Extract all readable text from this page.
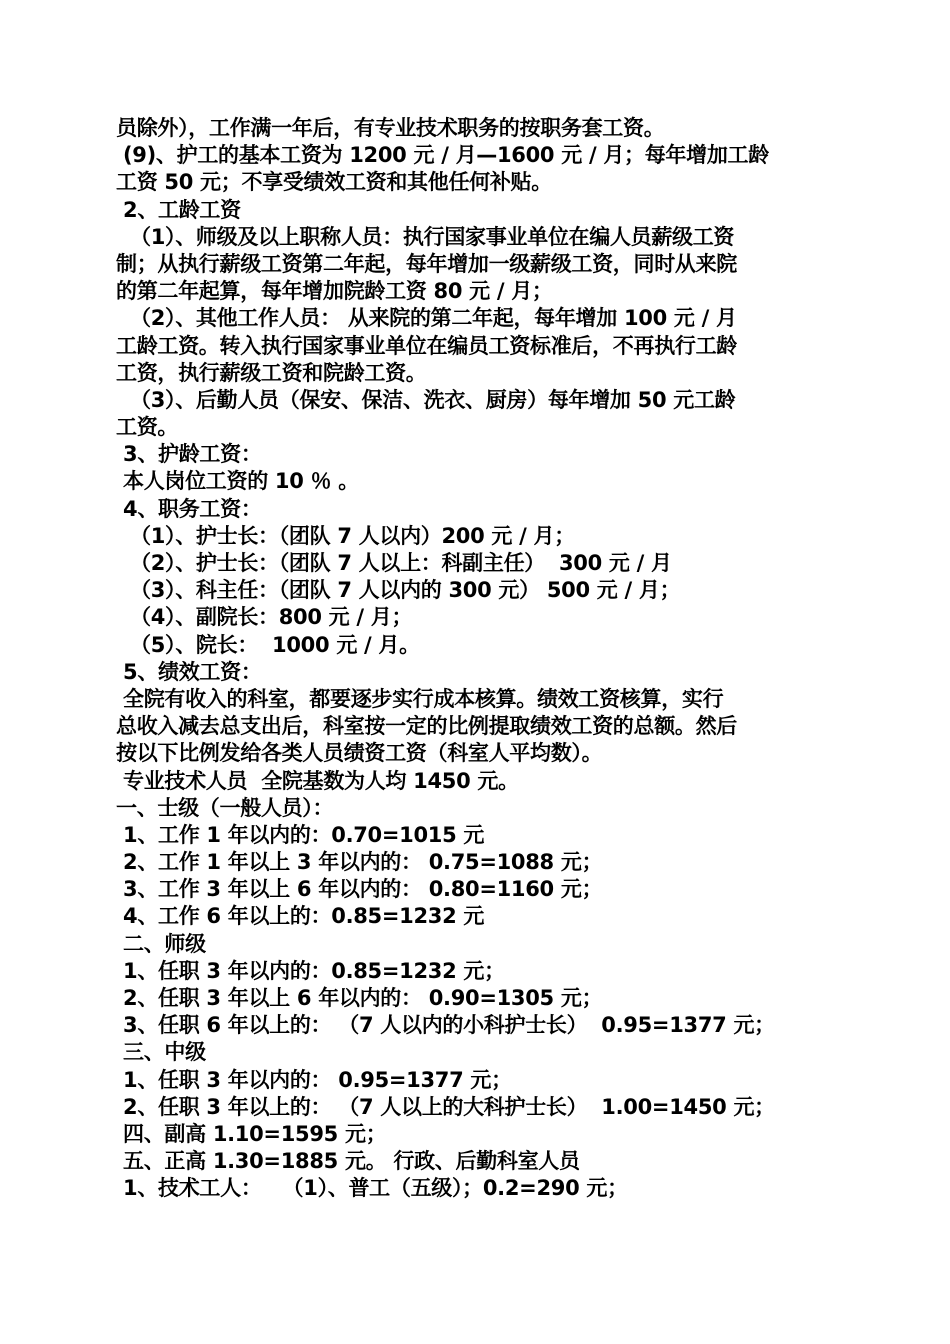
员除外），工作满一年后，有专业技术职务的按职务套工资。
(9)、护工的基本工资为 1200 元 / 月—1600 元 / 月；每年增加工龄
工资 50 元；不享受绩效工资和其他任何补贴。
2、工龄工资
（1）、师级及以上职称人员：执行国家事业单位在编人员薪级工资
制；从执行薪级工资第二年起，每年增加一级薪级工资，同时从来院
的第二年起算，每年增加院龄工资 80 元 / 月；
（2）、其他工作人员： 从来院的第二年起，每年增加 100 元 / 月
工龄工资。转入执行国家事业单位在编员工资标准后，不再执行工龄
工资，执行薪级工资和院龄工资。
（3）、后勤人员（保安、保洁、洗衣、厨房）每年增加 50 元工龄
工资。
3、护龄工资：
本人岗位工资的 10 ％ 。
4、职务工资：
（1）、护士长：（团队 7 人以内）200 元 / 月；
（2）、护士长：（团队 7 人以上：科副主任）  300 元 / 月
（3）、科主任：（团队 7 人以内的 300 元） 500 元 / 月；
（4）、副院长：800 元 / 月；
（5）、院长：  1000 元 / 月。
5、绩效工资：
全院有收入的科室，都要逐步实行成本核算。绩效工资核算，实行
总收入减去总支出后，科室按一定的比例提取绩效工资的总额。然后
按以下比例发给各类人员绩资工资（科室人平均数）。
专业技术人员  全院基数为人均 1450 元。
一、士级（一般人员）：
1、工作 1 年以内的：0.70=1015 元
2、工作 1 年以上 3 年以内的： 0.75=1088 元；
3、工作 3 年以上 6 年以内的： 0.80=1160 元；
4、工作 6 年以上的：0.85=1232 元
二、师级
1、任职 3 年以内的：0.85=1232 元；
2、任职 3 年以上 6 年以内的： 0.90=1305 元；
3、任职 6 年以上的： （7 人以内的小科护士长）  0.95=1377 元；
三、中级
1、任职 3 年以内的： 0.95=1377 元；
2、任职 3 年以上的： （7 人以上的大科护士长）  1.00=1450 元；
四、副高 1.10=1595 元；
五、正高 1.30=1885 元。 行政、后勤科室人员
1、技术工人：   （1）、普工（五级）；0.2=290 元；
